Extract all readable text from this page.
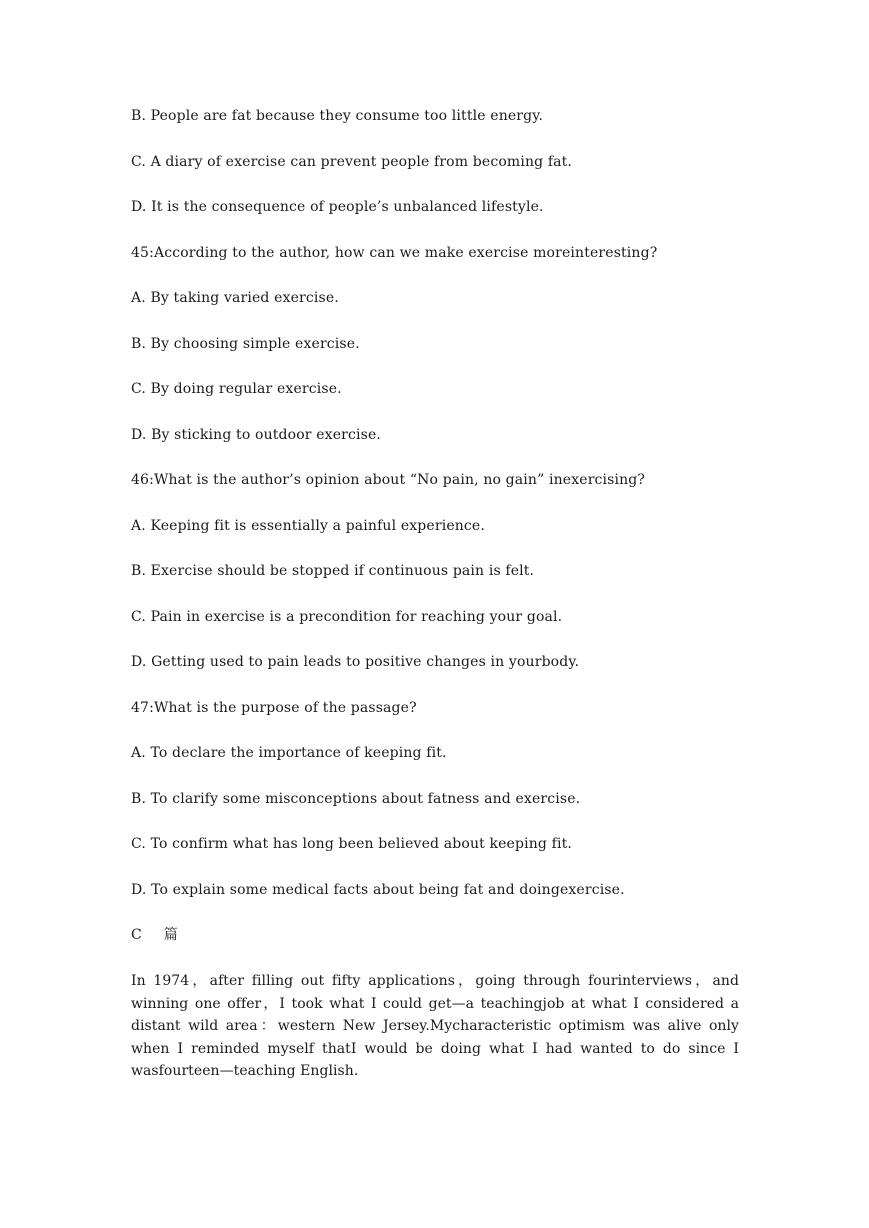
B. People are fat because they consume too little energy.
C. A diary of exercise can prevent people from becoming fat.
D. It is the consequence of people’s unbalanced lifestyle.
45:According to the author, how can we make exercise moreinteresting?
A. By taking varied exercise.
B. By choosing simple exercise.
C. By doing regular exercise.
D. By sticking to outdoor exercise.
46:What is the author’s opinion about “No pain, no gain” inexercising?
A. Keeping fit is essentially a painful experience.
B. Exercise should be stopped if continuous pain is felt.
C. Pain in exercise is a precondition for reaching your goal.
D. Getting used to pain leads to positive changes in yourbody.
47:What is the purpose of the passage?
A. To declare the importance of keeping fit.
B. To clarify some misconceptions about fatness and exercise.
C. To confirm what has long been believed about keeping fit.
D. To explain some medical facts about being fat and doingexercise.
C 篇
In 1974，after filling out fifty applications，going through fourinterviews，and winning one offer，I took what I could get—a teachingjob at what I considered a distant wild area：western New Jersey.Mycharacteristic optimism was alive only when I reminded myself thatI would be doing what I had wanted to do since I wasfourteen—teaching English.
